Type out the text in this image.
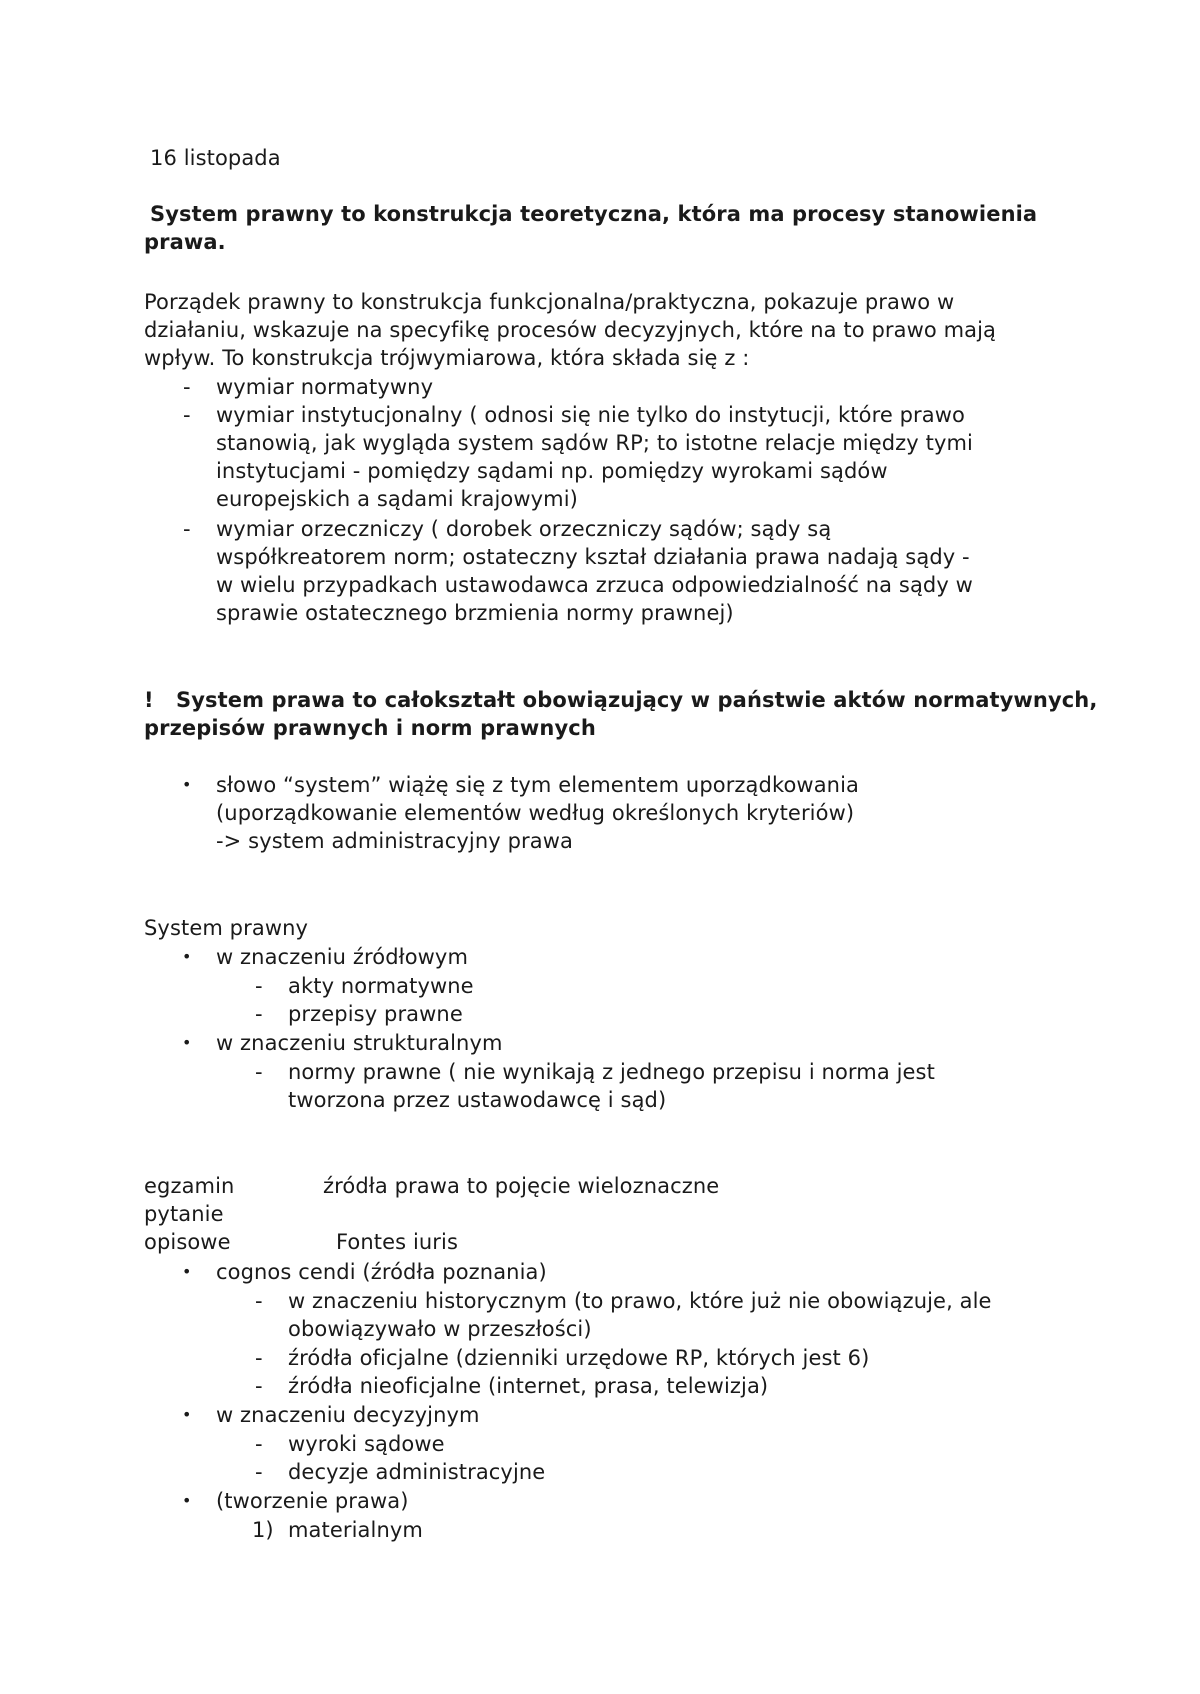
16 listopada
System prawny to konstrukcja teoretyczna, która ma procesy stanowienia
prawa.
Porządek prawny to konstrukcja funkcjonalna/praktyczna, pokazuje prawo w
działaniu, wskazuje na specyfikę procesów decyzyjnych, które na to prawo mają
wpływ. To konstrukcja trójwymiarowa, która składa się z :
- wymiar normatywny
- wymiar instytucjonalny ( odnosi się nie tylko do instytucji, które prawo
stanowią, jak wygląda system sądów RP; to istotne relacje między tymi
instytucjami - pomiędzy sądami np. pomiędzy wyrokami sądów
europejskich a sądami krajowymi)
- wymiar orzeczniczy ( dorobek orzeczniczy sądów; sądy są
współkreatorem norm; ostateczny kształ działania prawa nadają sądy -
w wielu przypadkach ustawodawca zrzuca odpowiedzialność na sądy w
sprawie ostatecznego brzmienia normy prawnej)
! System prawa to całokształt obowiązujący w państwie aktów normatywnych,
przepisów prawnych i norm prawnych
• słowo “system” wiążę się z tym elementem uporządkowania
(uporządkowanie elementów według określonych kryteriów)
-> system administracyjny prawa
System prawny
• w znaczeniu źródłowym
- akty normatywne
- przepisy prawne
• w znaczeniu strukturalnym
- normy prawne ( nie wynikają z jednego przepisu i norma jest
tworzona przez ustawodawcę i sąd)
egzamin	źródła prawa to pojęcie wieloznaczne
pytanie
opisowe	Fontes iuris
• cognos cendi (źródła poznania)
- w znaczeniu historycznym (to prawo, które już nie obowiązuje, ale
obowiązywało w przeszłości)
- źródła oficjalne (dzienniki urzędowe RP, których jest 6)
- źródła nieoficjalne (internet, prasa, telewizja)
• w znaczeniu decyzyjnym
- wyroki sądowe
- decyzje administracyjne
• (tworzenie prawa)
1) materialnym
